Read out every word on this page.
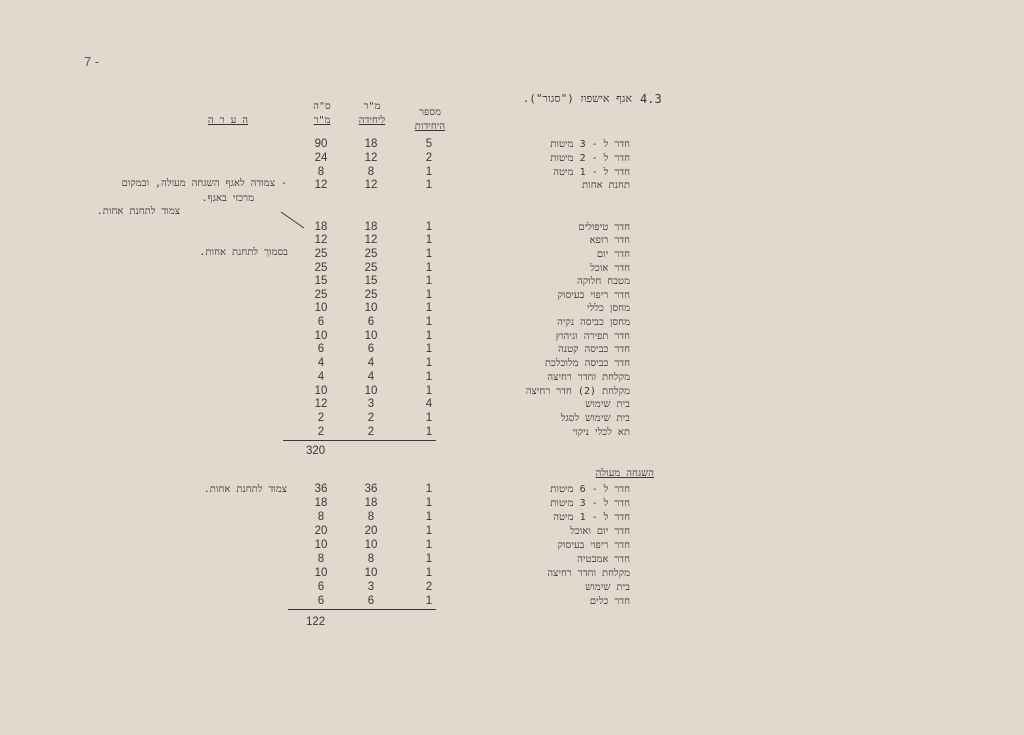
7 -
4.3
אגף אישפוז ("סגור").
מספר
היחידות
מ"ר
ליחידה
ס"ה
מ"ר
ה ע ר ה
חדר ל - 3 מיטות
5
18
90
חדר ל - 2 מיטות
2
12
24
חדר ל - 1 מיטה
1
8
8
תחנת אחות
1
12
12
חדר טיפולים
1
18
18
חדר רופא
1
12
12
חדר יום
1
25
25
חדר אוכל
1
25
25
מטבח חלוקה
1
15
15
חדר ריפוי בעיסוק
1
25
25
מחסן כללי
1
10
10
מחסן כביסה נקיה
1
6
6
חדר תפירה וגיהוץ
1
10
10
חדר כביסה קטנה
1
6
6
חדר כביסה מלוכלכת
1
4
4
מקלחת וחדר רחיצה
1
4
4
מקלחת (2) חדר רחיצה
1
10
10
בית שימוש
4
3
12
בית שימוש לסגל
1
2
2
תא לכלי ניקוי
1
2
2
- צמודה לאגף השגחה מעולה, ובמקום
מרכזי באגף.
צמוד לתחנת אחות.
בסמוך לתחנת אחות.
320
השגחה מעולה
חדר ל - 6 מיטות
1
36
36
חדר ל - 3 מיטות
1
18
18
חדר ל - 1 מיטה
1
8
8
חדר יום ואוכל
1
20
20
חדר ריפוי בעיסוק
1
10
10
חדר אמבטיה
1
8
8
מקלחת וחדר רחיצה
1
10
10
בית שימוש
2
3
6
חדר כלים
1
6
6
צמוד לתחנת אחות.
122
